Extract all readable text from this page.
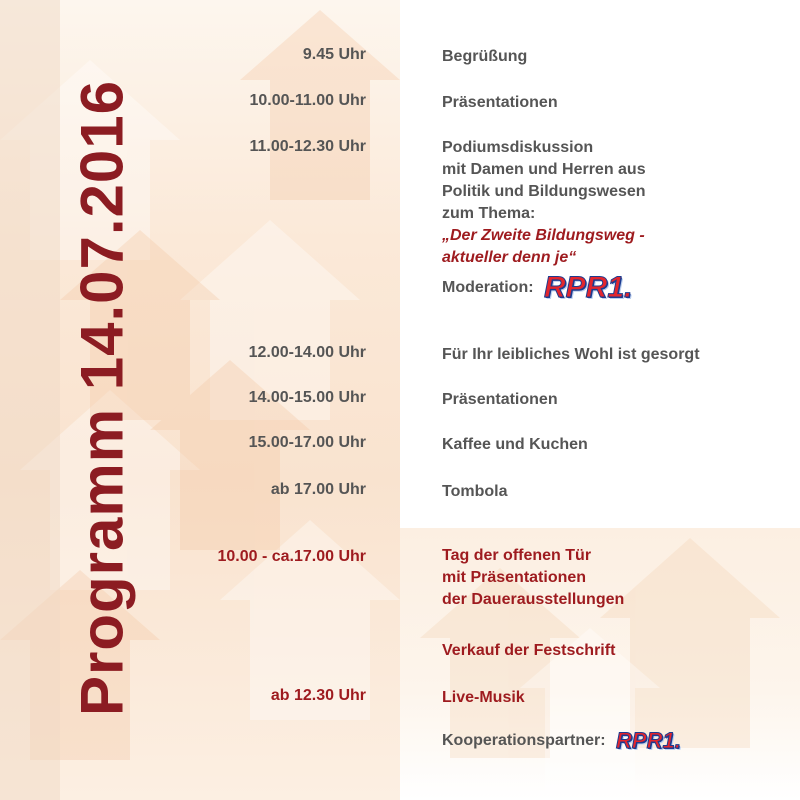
Programm 14.07.2016
9.45 Uhr	Begrüßung
10.00-11.00 Uhr	Präsentationen
11.00-12.30 Uhr	Podiumsdiskussion
mit Damen und Herren aus
Politik und Bildungswesen
zum Thema:
„Der Zweite Bildungsweg -
aktueller denn je“
Moderation: RPR1.
12.00-14.00 Uhr	Für Ihr leibliches Wohl ist gesorgt
14.00-15.00 Uhr	Präsentationen
15.00-17.00 Uhr	Kaffee und Kuchen
ab 17.00 Uhr	Tombola
10.00 - ca.17.00 Uhr	Tag der offenen Tür
mit Präsentationen
der Dauerausstellungen
Verkauf der Festschrift
ab 12.30 Uhr	Live-Musik
Kooperationspartner: RPR1.
